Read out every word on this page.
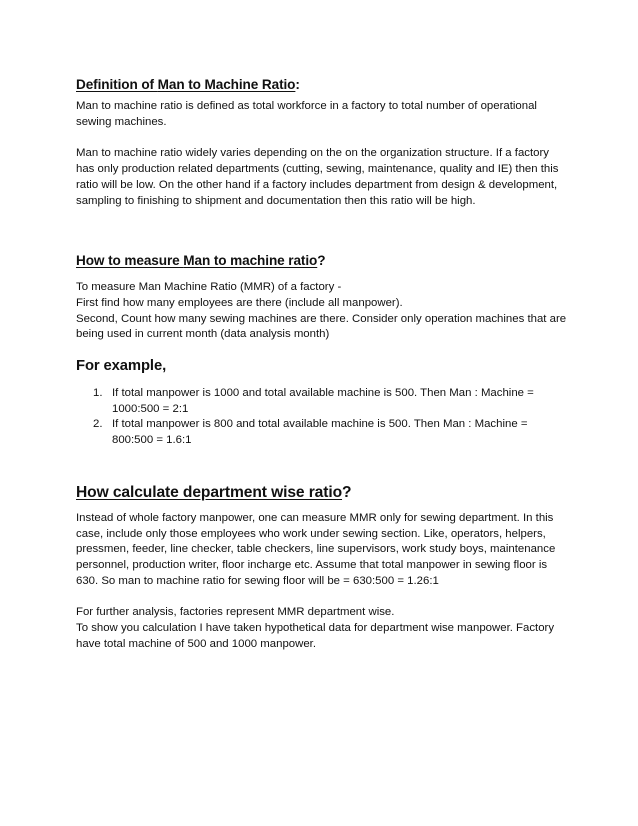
Definition of Man to Machine Ratio:

Man to machine ratio is defined as total workforce in a factory to total number of operational sewing machines.

Man to machine ratio widely varies depending on the on the organization structure. If a factory has only production related departments (cutting, sewing, maintenance, quality and IE) then this ratio will be low. On the other hand if a factory includes department from design & development, sampling to finishing to shipment and documentation then this ratio will be high.

How to measure Man to machine ratio?

To measure Man Machine Ratio (MMR) of a factory -

First find how many employees are there (include all manpower).

Second, Count how many sewing machines are there. Consider only operation machines that are being used in current month (data analysis month)

For example,
1. If total manpower is 1000 and total available machine is 500. Then Man : Machine = 1000:500 = 2:1
2. If total manpower is 800 and total available machine is 500. Then Man : Machine = 800:500 = 1.6:1
How calculate department wise ratio?

Instead of whole factory manpower, one can measure MMR only for sewing department. In this case, include only those employees who work under sewing section. Like, operators, helpers, pressmen, feeder, line checker, table checkers, line supervisors, work study boys, maintenance personnel, production writer, floor incharge etc. Assume that total manpower in sewing floor is 630. So man to machine ratio for sewing floor will be = 630:500 = 1.26:1

For further analysis, factories represent MMR department wise.

To show you calculation I have taken hypothetical data for department wise manpower. Factory have total machine of 500 and 1000 manpower.
